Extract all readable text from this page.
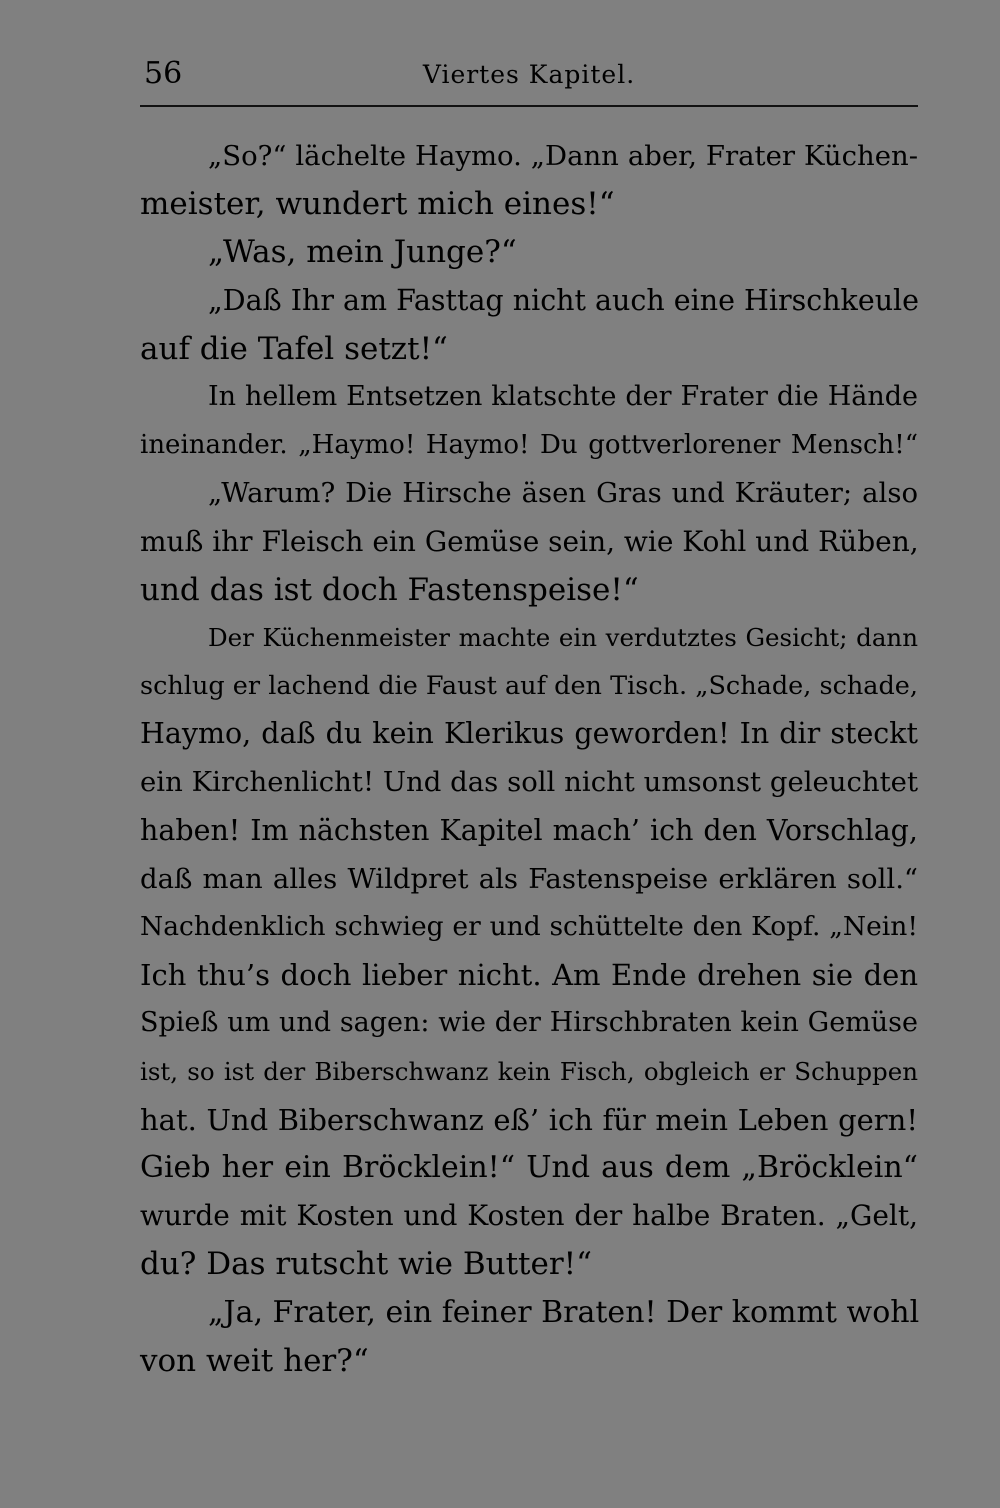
56	Viertes Kapitel.
„So?“ lächelte Haymo. „Dann aber, Frater Küchen-
meister, wundert mich eines!“
„Was, mein Junge?“
„Daß Ihr am Fasttag nicht auch eine Hirschkeule
auf die Tafel setzt!“
In hellem Entsetzen klatschte der Frater die Hände
ineinander. „Haymo! Haymo! Du gottverlorener Mensch!“
„Warum? Die Hirsche äsen Gras und Kräuter; also
muß ihr Fleisch ein Gemüse sein, wie Kohl und Rüben,
und das ist doch Fastenspeise!“
Der Küchenmeister machte ein verdutztes Gesicht; dann
schlug er lachend die Faust auf den Tisch. „Schade, schade,
Haymo, daß du kein Klerikus geworden! In dir steckt
ein Kirchenlicht! Und das soll nicht umsonst geleuchtet
haben! Im nächsten Kapitel mach’ ich den Vorschlag,
daß man alles Wildpret als Fastenspeise erklären soll.“
Nachdenklich schwieg er und schüttelte den Kopf. „Nein!
Ich thu’s doch lieber nicht. Am Ende drehen sie den
Spieß um und sagen: wie der Hirschbraten kein Gemüse
ist, so ist der Biberschwanz kein Fisch, obgleich er Schuppen
hat. Und Biberschwanz eß’ ich für mein Leben gern!
Gieb her ein Bröcklein!“ Und aus dem „Bröcklein“
wurde mit Kosten und Kosten der halbe Braten. „Gelt,
du? Das rutscht wie Butter!“
„Ja, Frater, ein feiner Braten! Der kommt wohl
von weit her?“
